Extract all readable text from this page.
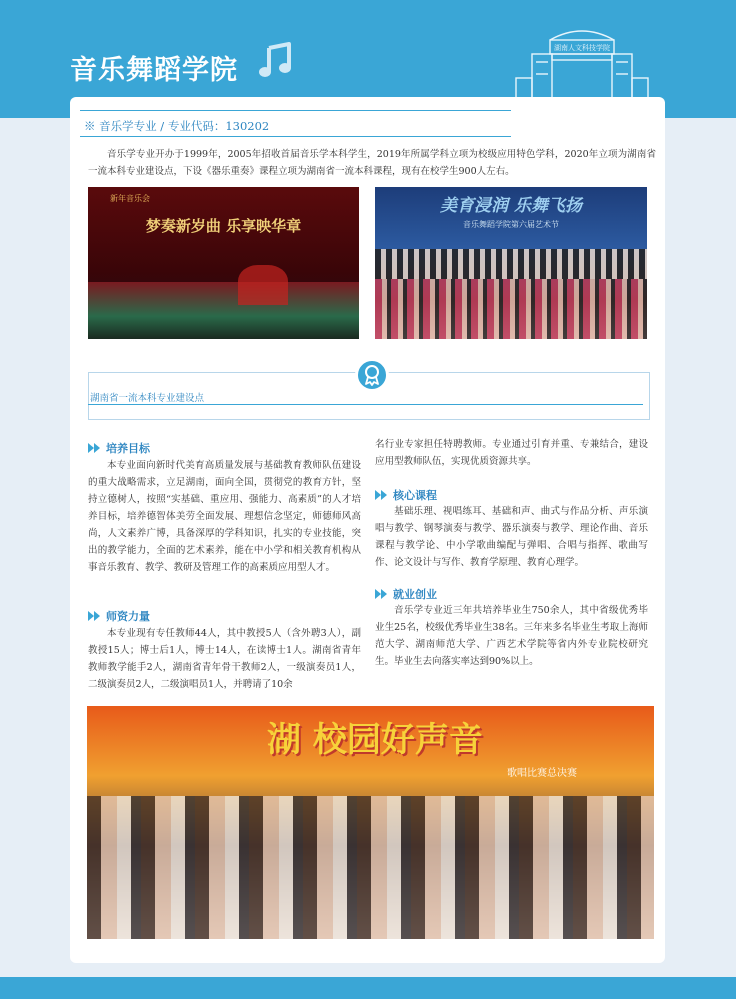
音乐舞蹈学院
湖南人文科技学院
※ 音乐学专业 / 专业代码：130202
音乐学专业开办于1999年，2005年招收首届音乐学本科学生，2019年所属学科立项为校级应用特色学科，2020年立项为湖南省一流本科专业建设点，下设《器乐重奏》课程立项为湖南省一流本科课程，现有在校学生900人左右。
新年音乐会
梦奏新岁曲 乐享映华章
美育浸润 乐舞飞扬
音乐舞蹈学院第六届艺术节
湖南省一流本科专业建设点
培养目标
本专业面向新时代美育高质量发展与基础教育教师队伍建设的重大战略需求，立足湖南，面向全国，贯彻党的教育方针，坚持立德树人，按照“实基础、重应用、强能力、高素质”的人才培养目标，培养德智体美劳全面发展、理想信念坚定，师德师风高尚，人文素养广博，具备深厚的学科知识，扎实的专业技能，突出的教学能力，全面的艺术素养，能在中小学和相关教育机构从事音乐教育、教学、教研及管理工作的高素质应用型人才。
师资力量
本专业现有专任教师44人，其中教授5人（含外聘3人），副教授15人；博士后1人，博士14人，在读博士1人。湖南省青年教师教学能手2人，湖南省青年骨干教师2人，一级演奏员1人，二级演奏员2人，二级演唱员1人，并聘请了10余
名行业专家担任特聘教师。专业通过引育并重、专兼结合，建设应用型教师队伍，实现优质资源共享。
核心课程
基础乐理、视唱练耳、基础和声、曲式与作品分析、声乐演唱与教学、钢琴演奏与教学、器乐演奏与教学、理论作曲、音乐课程与教学论、中小学歌曲编配与弹唱、合唱与指挥、歌曲写作、论文设计与写作、教育学原理、教育心理学。
就业创业
音乐学专业近三年共培养毕业生750余人，其中省级优秀毕业生25名，校级优秀毕业生38名。三年来多名毕业生考取上海师范大学、湖南师范大学、广西艺术学院等省内外专业院校研究生。毕业生去向落实率达到90%以上。
湖 校园好声音
歌唱比赛总决赛
